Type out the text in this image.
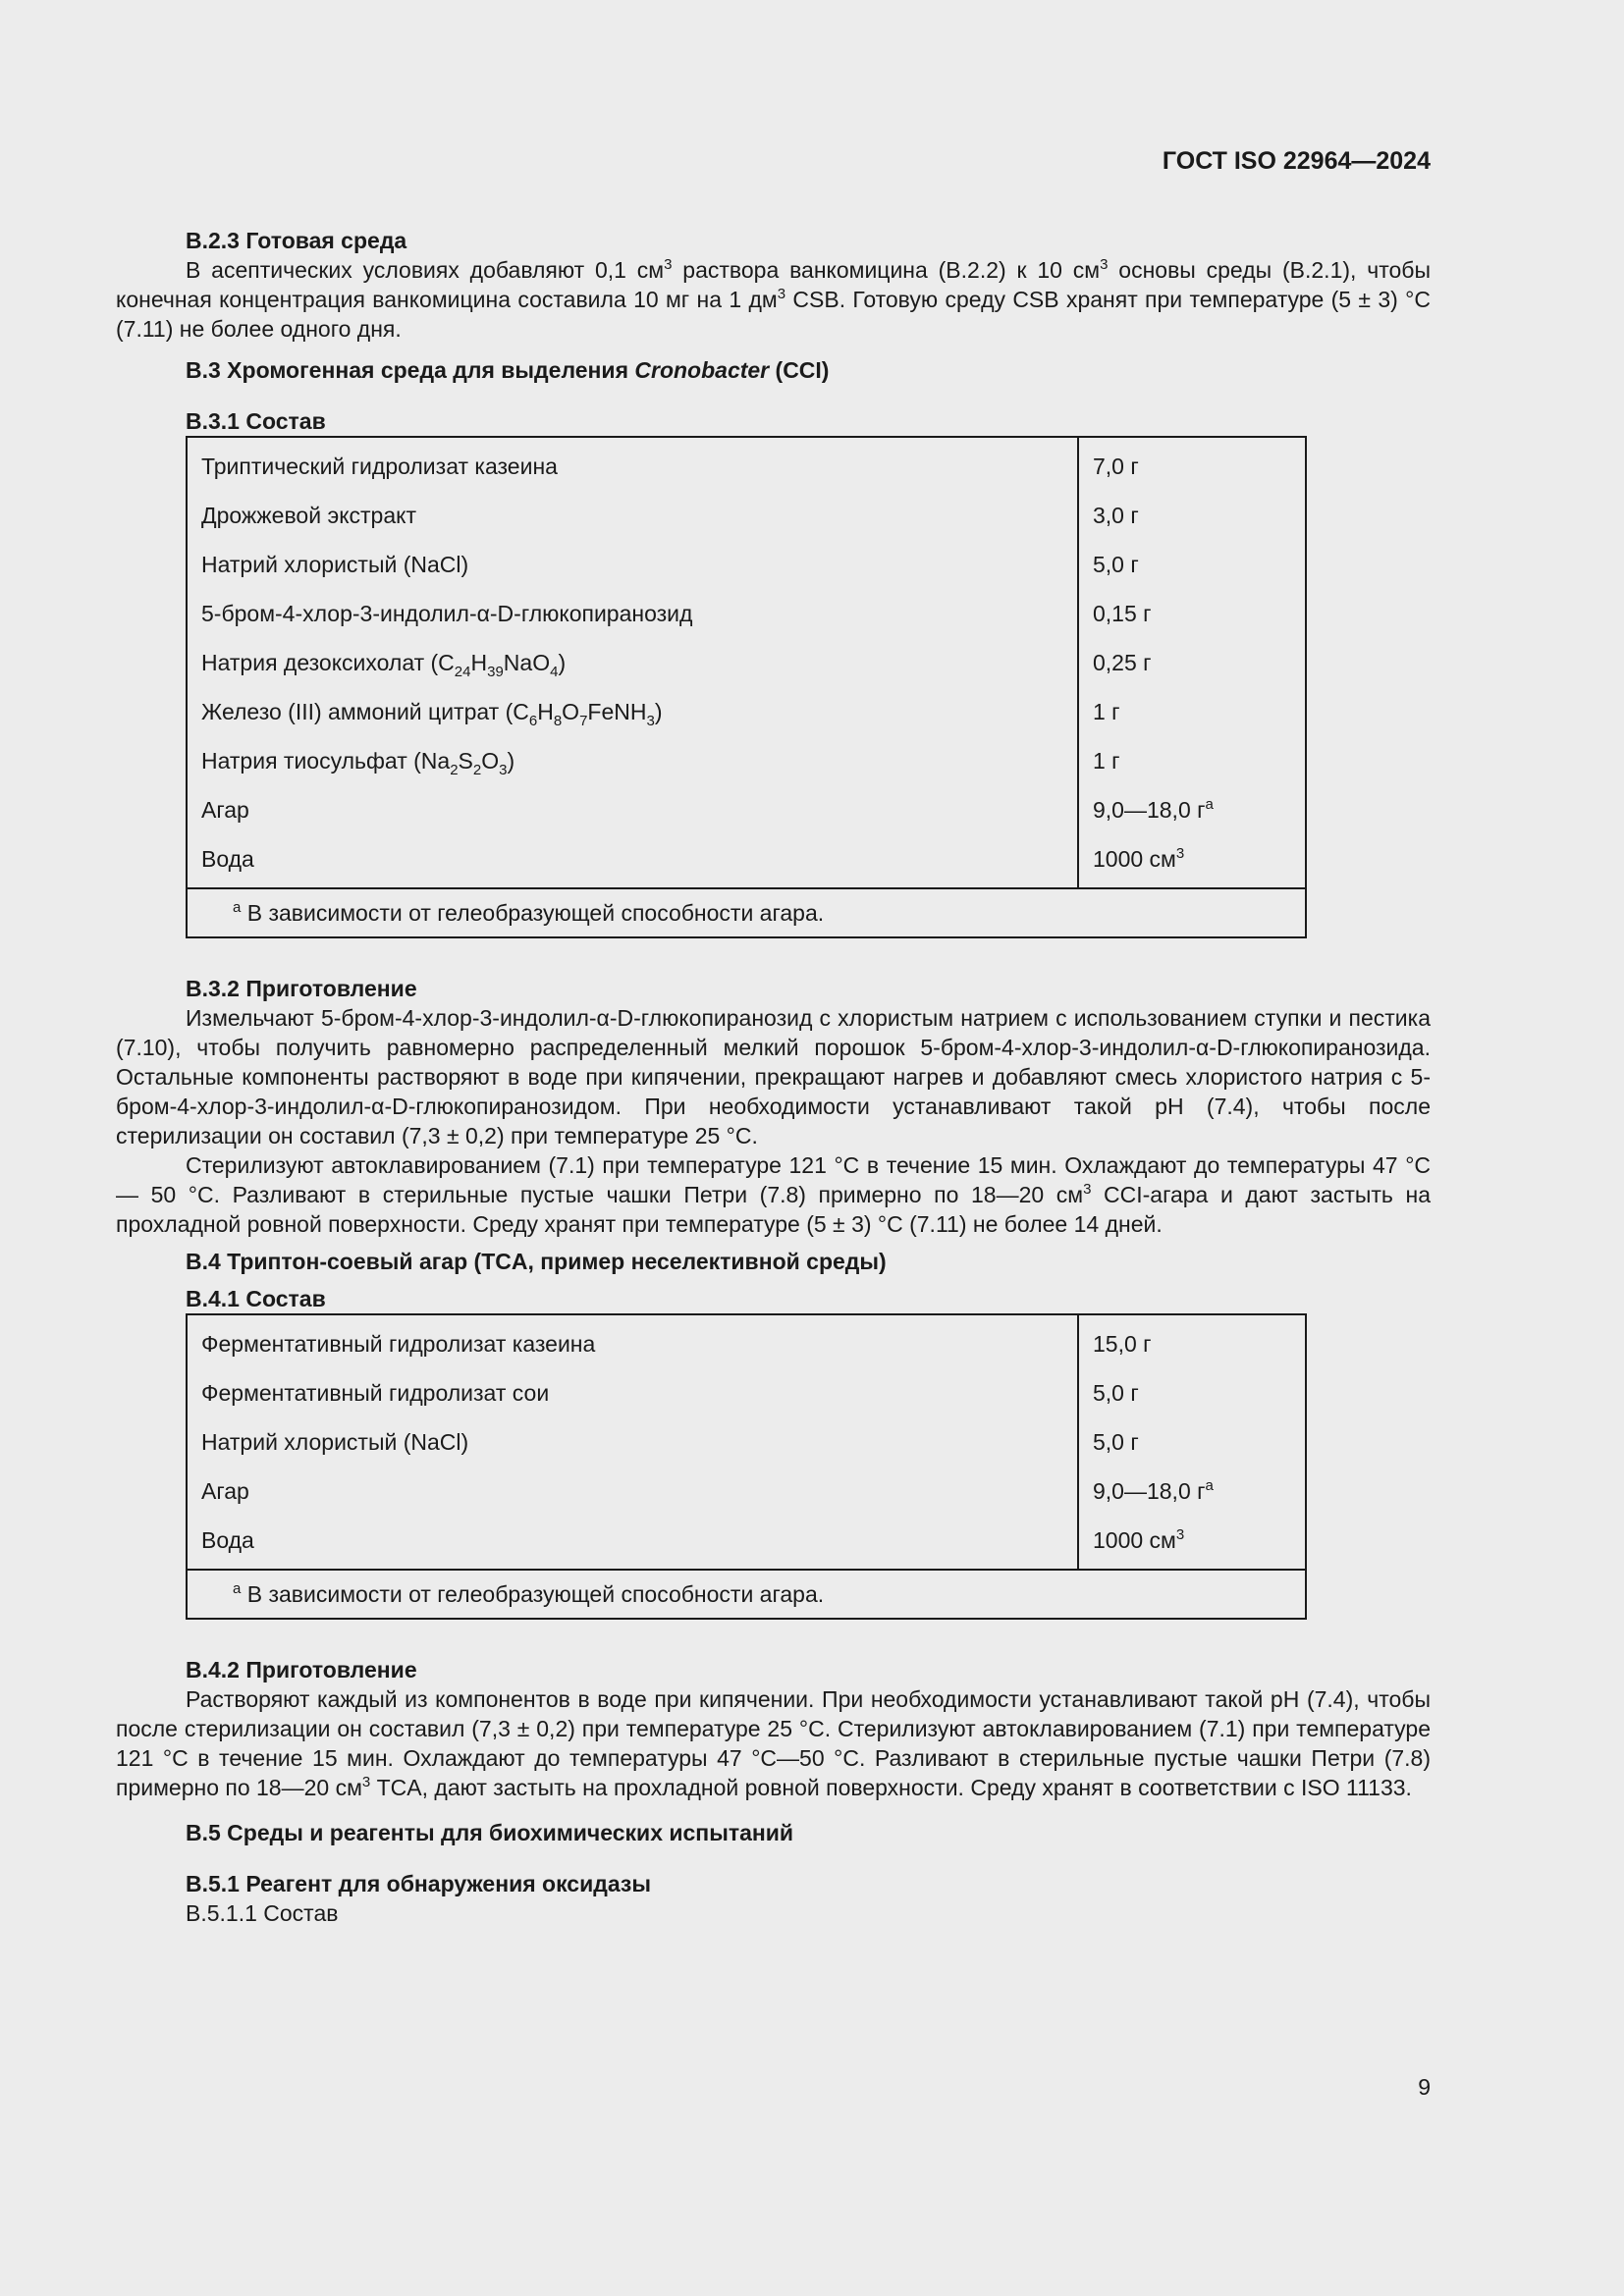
ГОСТ ISO 22964—2024

B.2.3 Готовая среда

В асептических условиях добавляют 0,1 $см^3$ раствора ванкомицина (B.2.2) к 10 $см^3$ основы среды (B.2.1), чтобы конечная концентрация ванкомицина составила 10 мг на 1 $дм^3$ CSB. Готовую среду CSB хранят при температуре (5 ± 3) °C (7.11) не более одного дня.

B.3 Хромогенная среда для выделения Cronobacter (CCI)

B.3.1 Состав

Триптический гидролизат казеина	7,0 г
Дрожжевой экстракт	3,0 г
Натрий хлористый (NaCl)	5,0 г
5-бром-4-хлор-3-индолил-α-D-глюкопиранозид	0,15 г
Натрия дезоксихолат $(C_{24}H_{39}NaO_4)$	0,25 г
Железо (III) аммоний цитрат $(C_6H_8O_7FeNH_3)$	1 г
Натрия тиосульфат $(Na_2S_2O_3)$	1 г
Агар	9,0—18,0 $г^a$
Вода	1000 $см^3$
$^a$ В зависимости от гелеобразующей способности агара.	

B.3.2 Приготовление

Измельчают 5-бром-4-хлор-3-индолил-α-D-глюкопиранозид с хлористым натрием с использованием ступки и пестика (7.10), чтобы получить равномерно распределенный мелкий порошок 5-бром-4-хлор-3-индолил-α-D-глюкопиранозида. Остальные компоненты растворяют в воде при кипячении, прекращают нагрев и добавляют смесь хлористого натрия с 5-бром-4-хлор-3-индолил-α-D-глюкопиранозидом. При необходимости устанавливают такой pH (7.4), чтобы после стерилизации он составил (7,3 ± 0,2) при температуре 25 °C.

Стерилизуют автоклавированием (7.1) при температуре 121 °C в течение 15 мин. Охлаждают до температуры 47 °C — 50 °C. Разливают в стерильные пустые чашки Петри (7.8) примерно по 18—20 $см^3$ CCI-агара и дают застыть на прохладной ровной поверхности. Среду хранят при температуре (5 ± 3) °C (7.11) не более 14 дней.

B.4 Триптон-соевый агар (TCA, пример неселективной среды)

B.4.1 Состав

Ферментативный гидролизат казеина	15,0 г
Ферментативный гидролизат сои	5,0 г
Натрий хлористый (NaCl)	5,0 г
Агар	9,0—18,0 $г^a$
Вода	1000 $см^3$
$^a$ В зависимости от гелеобразующей способности агара.	

B.4.2 Приготовление

Растворяют каждый из компонентов в воде при кипячении. При необходимости устанавливают такой pH (7.4), чтобы после стерилизации он составил (7,3 ± 0,2) при температуре 25 °C. Стерилизуют автоклавированием (7.1) при температуре 121 °C в течение 15 мин. Охлаждают до температуры 47 °C—50 °C. Разливают в стерильные пустые чашки Петри (7.8) примерно по 18—20 $см^3$ TCA, дают застыть на прохладной ровной поверхности. Среду хранят в соответствии с ISO 11133.

B.5 Среды и реагенты для биохимических испытаний

B.5.1 Реагент для обнаружения оксидазы

B.5.1.1 Состав

9
